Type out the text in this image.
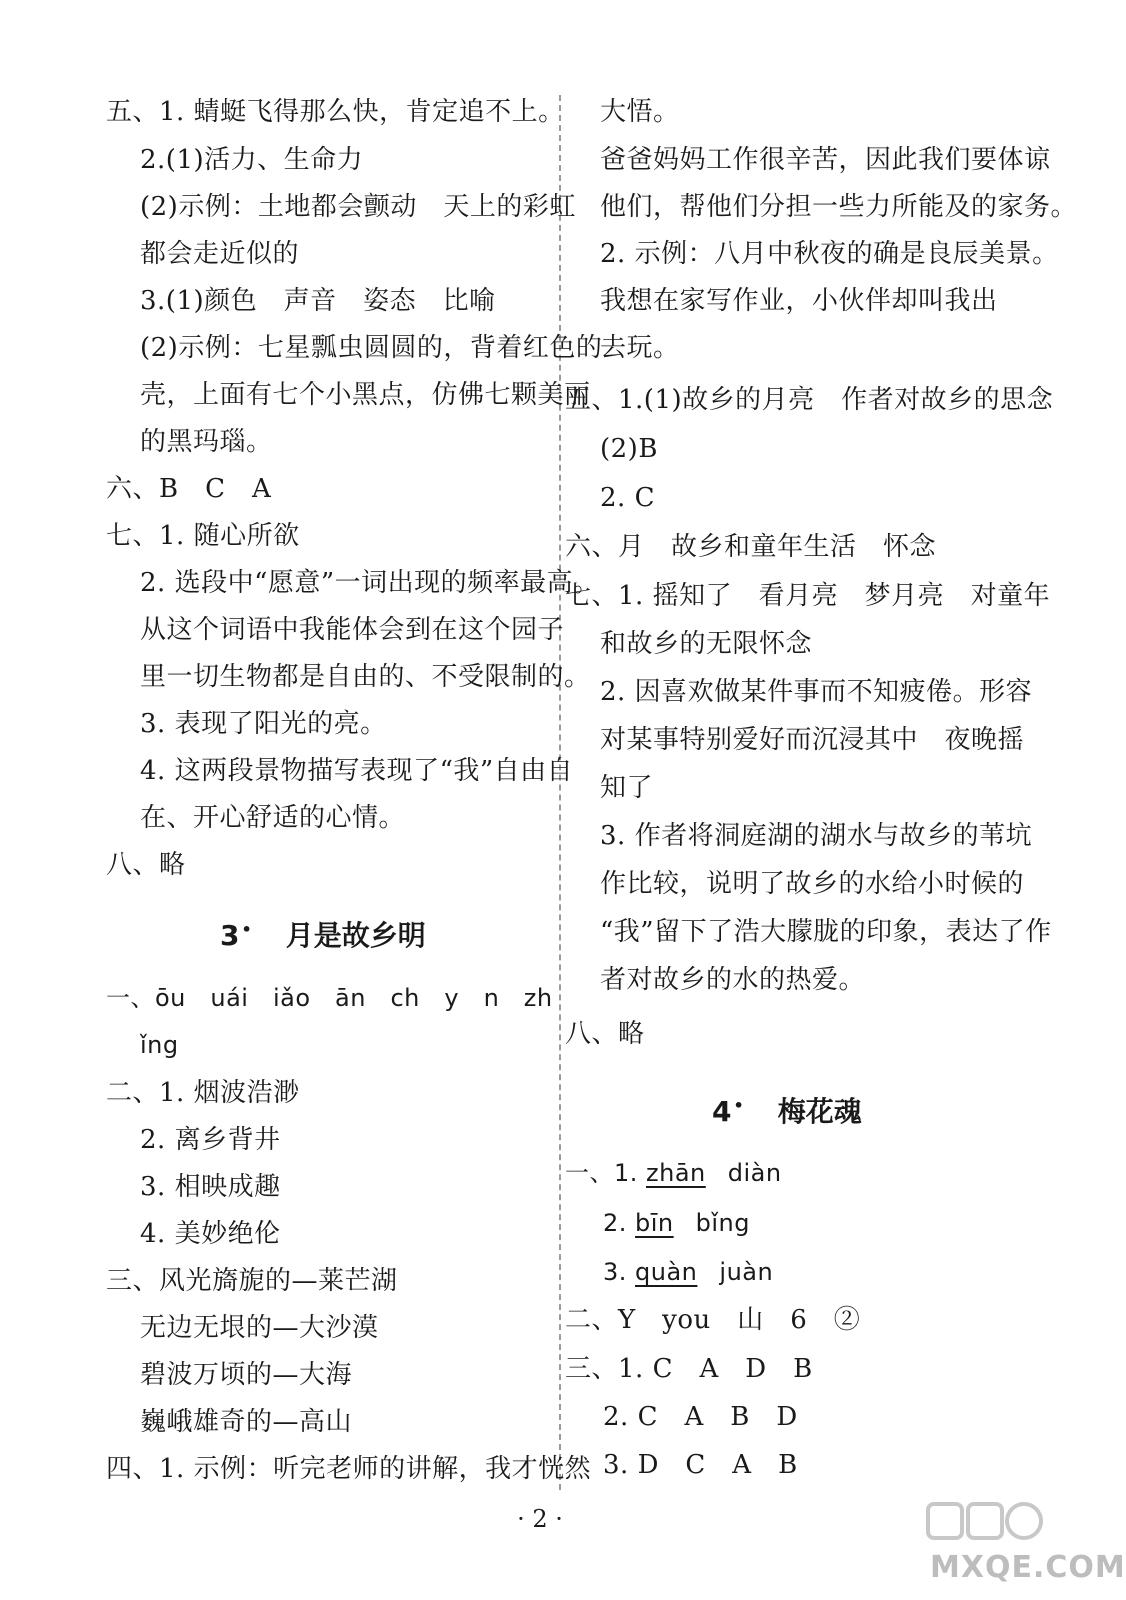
五、1. 蜻蜓飞得那么快，肯定追不上。
2.(1)活力、生命力
(2)示例：土地都会颤动　天上的彩虹
都会走近似的
3.(1)颜色　声音　姿态　比喻
(2)示例：七星瓢虫圆圆的，背着红色的
壳，上面有七个小黑点，仿佛七颗美丽
的黑玛瑙。
六、B　C　A
七、1. 随心所欲
2. 选段中“愿意”一词出现的频率最高。
从这个词语中我能体会到在这个园子
里一切生物都是自由的、不受限制的。
3. 表现了阳光的亮。
4. 这两段景物描写表现了“我”自由自
在、开心舒适的心情。
八、略
3 • 月是故乡明
一、ōu　uái　iǎo　ān　ch　y　n　zh
ǐng
二、1. 烟波浩渺
2. 离乡背井
3. 相映成趣
4. 美妙绝伦
三、风光旖旎的—莱芒湖
无边无垠的—大沙漠
碧波万顷的—大海
巍峨雄奇的—高山
四、1. 示例：听完老师的讲解，我才恍然
大悟。
爸爸妈妈工作很辛苦，因此我们要体谅
他们，帮他们分担一些力所能及的家务。
2. 示例：八月中秋夜的确是良辰美景。
我想在家写作业，小伙伴却叫我出
去玩。
五、1.(1)故乡的月亮　作者对故乡的思念
(2)B
2. C
六、月　故乡和童年生活　怀念
七、1. 摇知了　看月亮　梦月亮　对童年
和故乡的无限怀念
2. 因喜欢做某件事而不知疲倦。形容
对某事特别爱好而沉浸其中　夜晚摇
知了
3. 作者将洞庭湖的湖水与故乡的苇坑
作比较，说明了故乡的水给小时候的
“我”留下了浩大朦胧的印象，表达了作
者对故乡的水的热爱。
八、略
4 • 梅花魂
一、1. zhān diàn
2. bīn bǐng
3. quàn juàn
二、Y　you　山　6　②
三、1. C　A　D　B
2. C　A　B　D
3. D　C　A　B
· 2 ·
MXQE.COM
